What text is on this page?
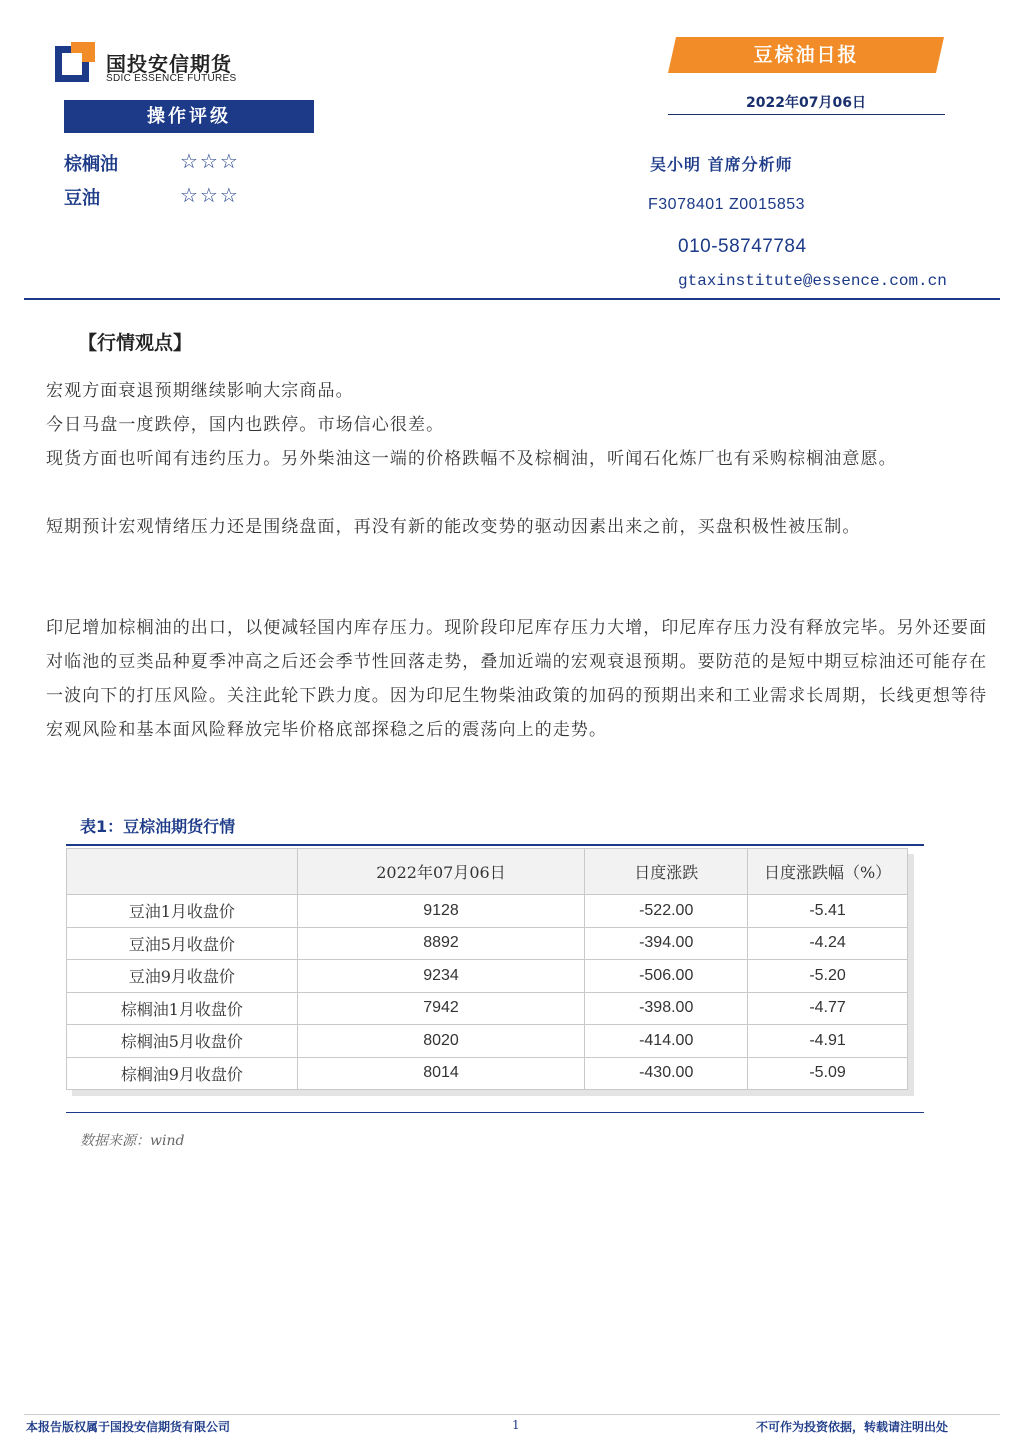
国投安信期货
SDIC ESSENCE FUTURES
豆棕油日报
2022年07月06日
操作评级
棕榈油	☆☆☆
豆油	☆☆☆
吴小明 首席分析师
F3078401 Z0015853
010-58747784
gtaxinstitute@essence.com.cn
【行情观点】

宏观方面衰退预期继续影响大宗商品。

今日马盘一度跌停，国内也跌停。市场信心很差。

现货方面也听闻有违约压力。另外柴油这一端的价格跌幅不及棕榈油，听闻石化炼厂也有采购棕榈油意愿。

短期预计宏观情绪压力还是围绕盘面，再没有新的能改变势的驱动因素出来之前，买盘积极性被压制。

印尼增加棕榈油的出口，以便减轻国内库存压力。现阶段印尼库存压力大增，印尼库存压力没有释放完毕。另外还要面对临池的豆类品种夏季冲高之后还会季节性回落走势，叠加近端的宏观衰退预期。要防范的是短中期豆棕油还可能存在一波向下的打压风险。关注此轮下跌力度。因为印尼生物柴油政策的加码的预期出来和工业需求长周期，长线更想等待宏观风险和基本面风险释放完毕价格底部探稳之后的震荡向上的走势。

表1：豆棕油期货行情
	2022年07月06日	日度涨跌	日度涨跌幅（%）
豆油1月收盘价	9128	-522.00	-5.41
豆油5月收盘价	8892	-394.00	-4.24
豆油9月收盘价	9234	-506.00	-5.20
棕榈油1月收盘价	7942	-398.00	-4.77
棕榈油5月收盘价	8020	-414.00	-4.91
棕榈油9月收盘价	8014	-430.00	-5.09
数据来源：wind
本报告版权属于国投安信期货有限公司	1	不可作为投资依据，转载请注明出处
